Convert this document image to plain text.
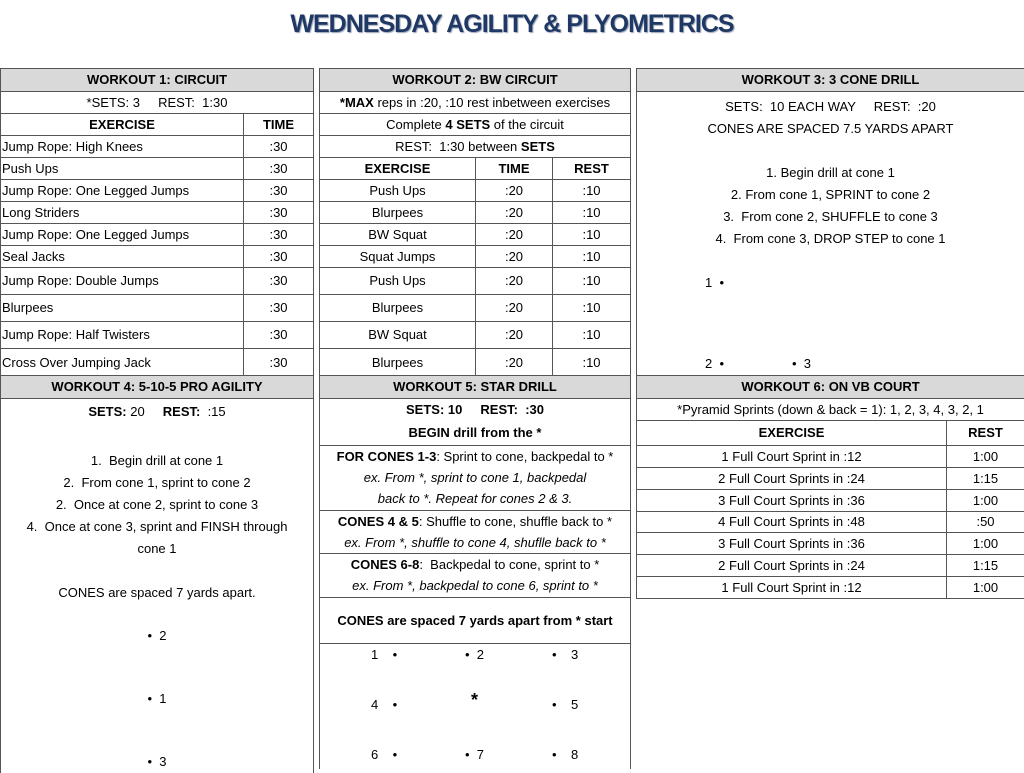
WEDNESDAY AGILITY & PLYOMETRICS
WORKOUT 1: CIRCUIT	
*SETS: 3     REST:  1:30	
EXERCISE	TIME
Jump Rope: High Knees	:30
Push Ups	:30
Jump Rope: One Legged Jumps	:30
Long Striders	:30
Jump Rope: One Legged Jumps	:30
Seal Jacks	:30
Jump Rope: Double Jumps	:30
Blurpees	:30
Jump Rope: Half Twisters	:30
Cross Over Jumping Jack	:30
WORKOUT 2: BW CIRCUIT		
*MAX reps in :20, :10 rest inbetween exercises		
Complete 4 SETS of the circuit		
REST:  1:30 between SETS		
EXERCISE	TIME	REST
Push Ups	:20	:10
Blurpees	:20	:10
BW Squat	:20	:10
Squat Jumps	:20	:10
Push Ups	:20	:10
Blurpees	:20	:10
BW Squat	:20	:10
Blurpees	:20	:10
WORKOUT 3: 3 CONE DRILL

SETS:  10 EACH WAY     REST:  :20
CONES ARE SPACED 7.5 YARDS APART
1. Begin drill at cone 1
2. From cone 1, SPRINT to cone 2
3.  From cone 2, SHUFFLE to cone 3
4.  From cone 3, DROP STEP to cone 1
1  •
2  •	•  3
WORKOUT 4: 5-10-5 PRO AGILITY

SETS: 20     REST:  :15
1.  Begin drill at cone 1
2.  From cone 1, sprint to cone 2
2.  Once at cone 2, sprint to cone 3
4.  Once at cone 3, sprint and FINSH through
cone 1
CONES are spaced 7 yards apart.
•  2
•  1
•  3
WORKOUT 5: STAR DRILL
SETS: 10     REST:  :30
BEGIN drill from the *
FOR CONES 1-3: Sprint to cone, backpedal to *
ex. From *, sprint to cone 1, backpedal
back to *. Repeat for cones 2 & 3.
CONES 4 & 5: Shuffle to cone, shuffle back to *
ex. From *, shuffle to cone 4, shuflle back to *
CONES 6-8:  Backpedal to cone, sprint to *
ex. From *, backpedal to cone 6, sprint to *
CONES are spaced 7 yards apart from * start

1    •	•  2	•    3
4    •	*	•    5
6    •	•  7	•    8
WORKOUT 6: ON VB COURT	
*Pyramid Sprints (down & back = 1): 1, 2, 3, 4, 3, 2, 1	
EXERCISE	REST
1 Full Court Sprint in :12	1:00
2 Full Court Sprints in :24	1:15
3 Full Court Sprints in :36	1:00
4 Full Court Sprints in :48	:50
3 Full Court Sprints in :36	1:00
2 Full Court Sprints in :24	1:15
1 Full Court Sprint in :12	1:00
